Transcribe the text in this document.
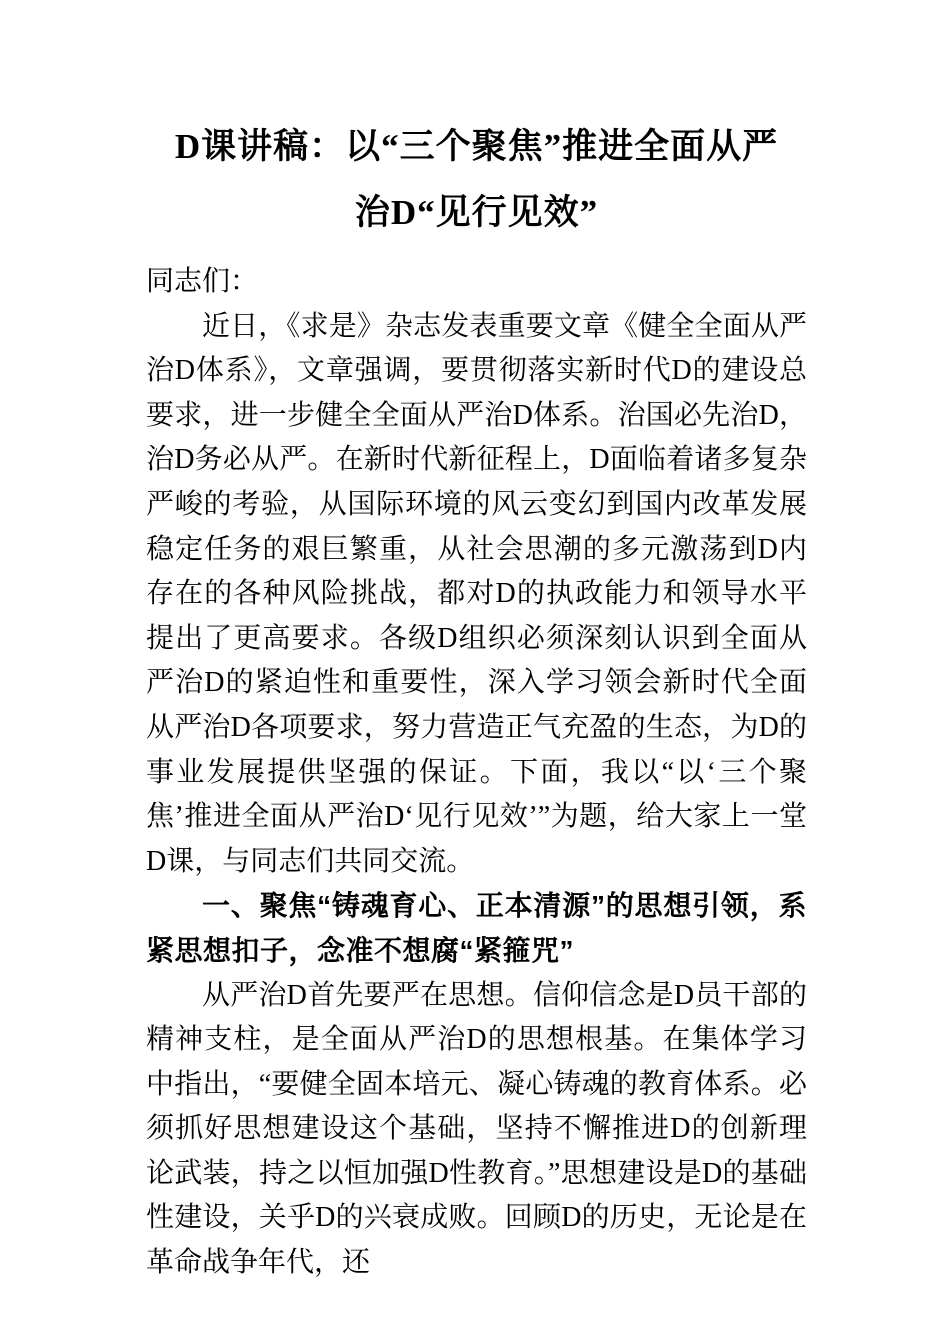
D课讲稿：以“三个聚焦”推进全面从严
治D“见行见效”

同志们：

近日，《求是》杂志发表重要文章《健全全面从严治D体系》，文章强调，要贯彻落实新时代D的建设总要求，进一步健全全面从严治D体系。治国必先治D，治D务必从严。在新时代新征程上，D面临着诸多复杂严峻的考验，从国际环境的风云变幻到国内改革发展稳定任务的艰巨繁重，从社会思潮的多元激荡到D内存在的各种风险挑战，都对D的执政能力和领导水平提出了更高要求。各级D组织必须深刻认识到全面从严治D的紧迫性和重要性，深入学习领会新时代全面从严治D各项要求，努力营造正气充盈的生态，为D的事业发展提供坚强的保证。下面，我以“以‘三个聚焦’推进全面从严治D‘见行见效’”为题，给大家上一堂D课，与同志们共同交流。

一、聚焦“铸魂育心、正本清源”的思想引领，系紧思想扣子，念准不想腐“紧箍咒”

从严治D首先要严在思想。信仰信念是D员干部的精神支柱，是全面从严治D的思想根基。在集体学习中指出，“要健全固本培元、凝心铸魂的教育体系。必须抓好思想建设这个基础，坚持不懈推进D的创新理论武装，持之以恒加强D性教育。”思想建设是D的基础性建设，关乎D的兴衰成败。回顾D的历史，无论是在革命战争年代，还
